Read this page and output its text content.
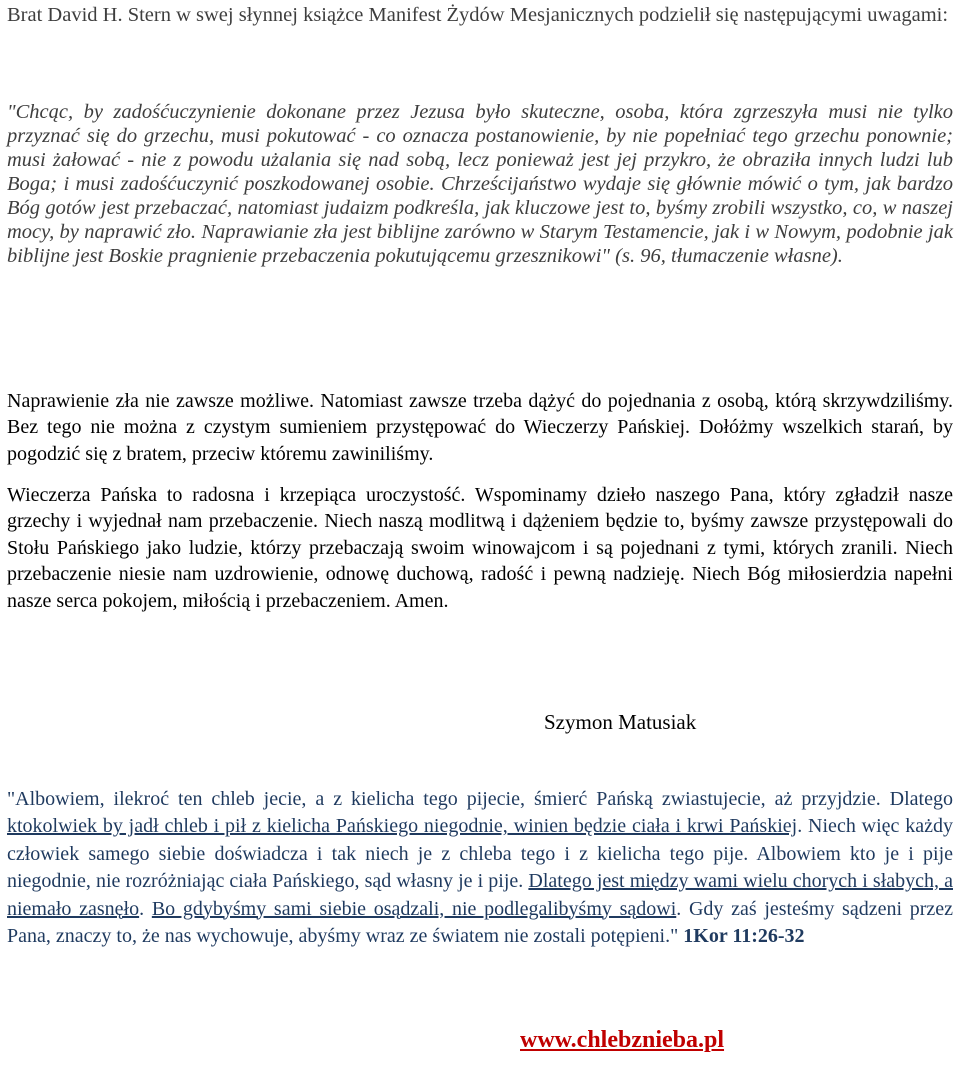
Brat David H. Stern w swej słynnej książce Manifest Żydów Mesjanicznych podzielił się następującymi uwagami:

"Chcąc, by zadośćuczynienie dokonane przez Jezusa było skuteczne, osoba, która zgrzeszyła musi nie tylko przyznać się do grzechu, musi pokutować - co oznacza postanowienie, by nie popełniać tego grzechu ponownie; musi żałować - nie z powodu użalania się nad sobą, lecz ponieważ jest jej przykro, że obraziła innych ludzi lub Boga; i musi zadośćuczynić poszkodowanej osobie. Chrześcijaństwo wydaje się głównie mówić o tym, jak bardzo Bóg gotów jest przebaczać, natomiast judaizm podkreśla, jak kluczowe jest to, byśmy zrobili wszystko, co, w naszej mocy, by naprawić zło. Naprawianie zła jest biblijne zarówno w Starym Testamencie, jak i w Nowym, podobnie jak biblijne jest Boskie pragnienie przebaczenia pokutującemu grzesznikowi" (s. 96, tłumaczenie własne).

Naprawienie zła nie zawsze możliwe. Natomiast zawsze trzeba dążyć do pojednania z osobą, którą skrzywdziliśmy. Bez tego nie można z czystym sumieniem przystępować do Wieczerzy Pańskiej. Dołóżmy wszelkich starań, by pogodzić się z bratem, przeciw któremu zawiniliśmy.

Wieczerza Pańska to radosna i krzepiąca uroczystość. Wspominamy dzieło naszego Pana, który zgładził nasze grzechy i wyjednał nam przebaczenie. Niech naszą modlitwą i dążeniem będzie to, byśmy zawsze przystępowali do Stołu Pańskiego jako ludzie, którzy przebaczają swoim winowajcom i są pojednani z tymi, których zranili. Niech przebaczenie niesie nam uzdrowienie, odnowę duchową, radość i pewną nadzieję. Niech Bóg miłosierdzia napełni nasze serca pokojem, miłością i przebaczeniem. Amen.

Szymon Matusiak

"Albowiem, ilekroć ten chleb jecie, a z kielicha tego pijecie, śmierć Pańską zwiastujecie, aż przyjdzie. Dlatego ktokolwiek by jadł chleb i pił z kielicha Pańskiego niegodnie, winien będzie ciała i krwi Pańskiej. Niech więc każdy człowiek samego siebie doświadcza i tak niech je z chleba tego i z kielicha tego pije. Albowiem kto je i pije niegodnie, nie rozróżniając ciała Pańskiego, sąd własny je i pije. Dlatego jest między wami wielu chorych i słabych, a niemało zasnęło. Bo gdybyśmy sami siebie osądzali, nie podlegalibyśmy sądowi. Gdy zaś jesteśmy sądzeni przez Pana, znaczy to, że nas wychowuje, abyśmy wraz ze światem nie zostali potępieni." 1Kor 11:26-32

www.chlebznieba.pl
